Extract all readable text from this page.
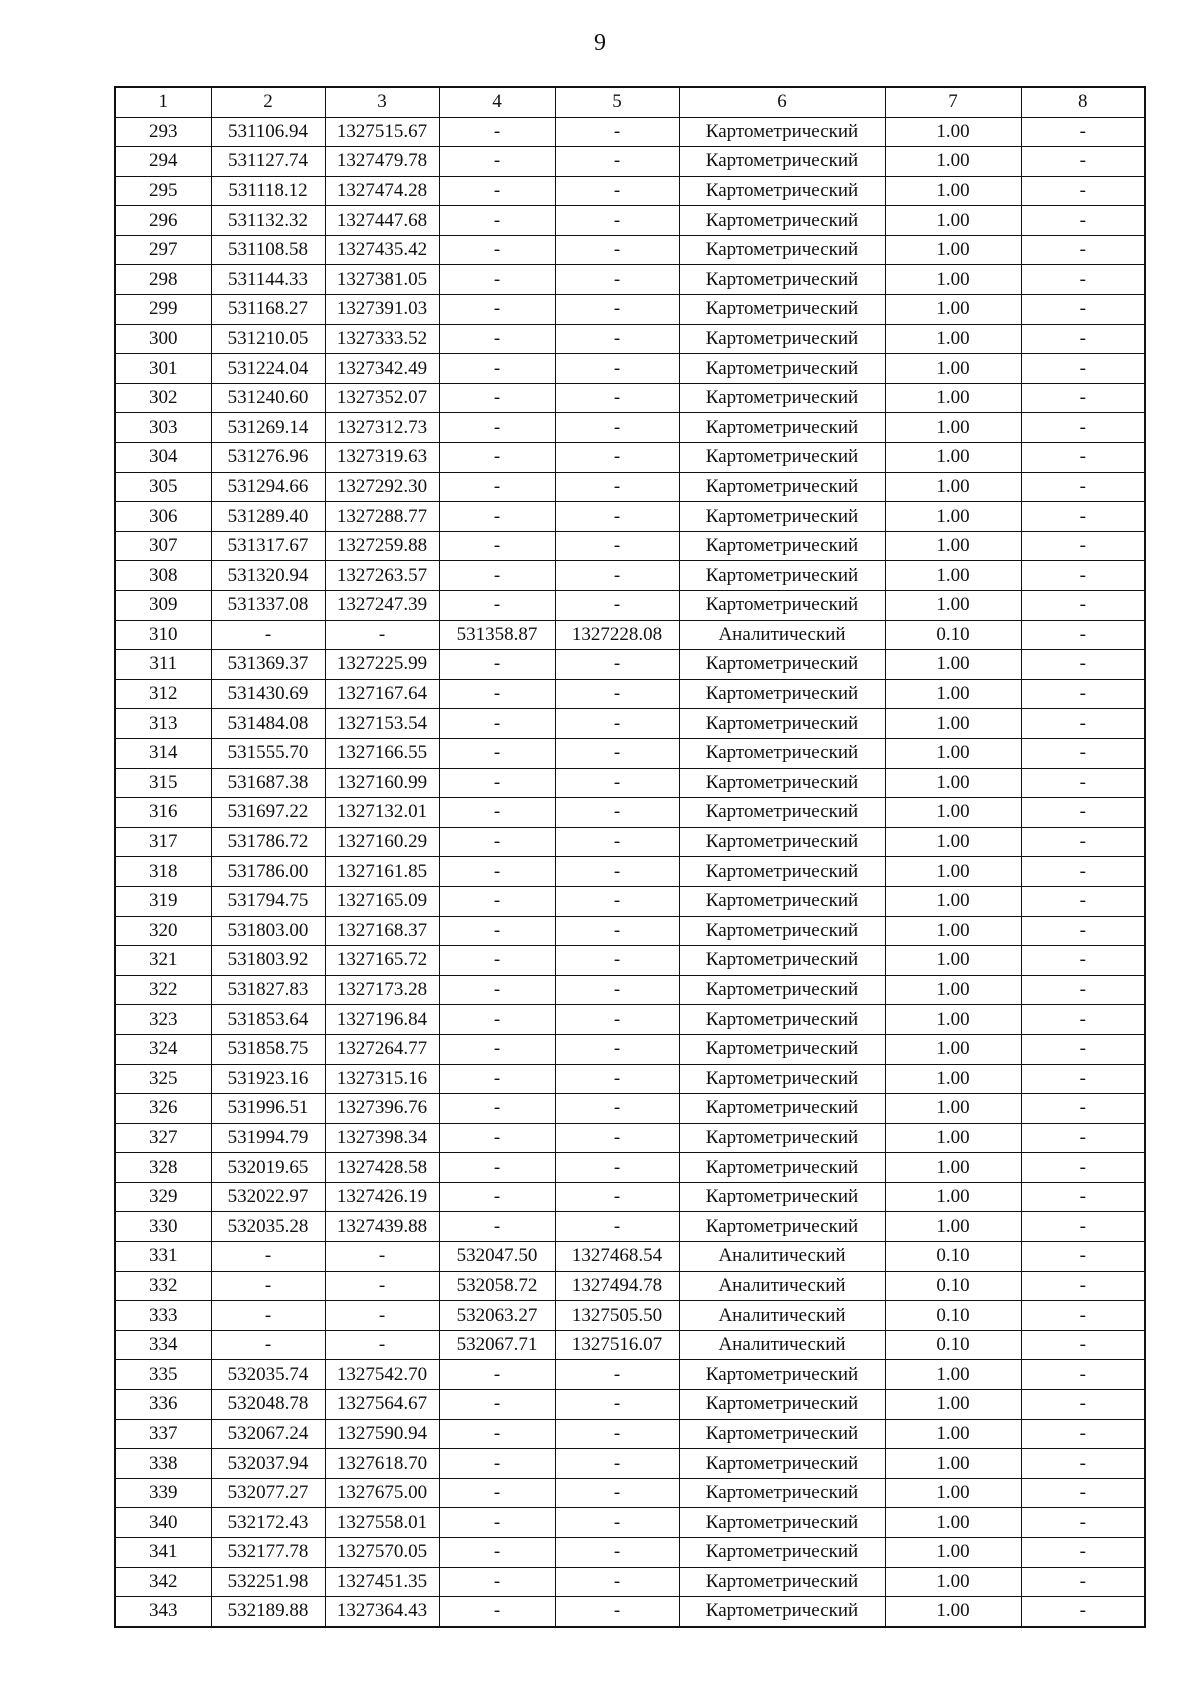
9
1	2	3	4	5	6	7	8
293	531106.94	1327515.67	-	-	Картометрический	1.00	-
294	531127.74	1327479.78	-	-	Картометрический	1.00	-
295	531118.12	1327474.28	-	-	Картометрический	1.00	-
296	531132.32	1327447.68	-	-	Картометрический	1.00	-
297	531108.58	1327435.42	-	-	Картометрический	1.00	-
298	531144.33	1327381.05	-	-	Картометрический	1.00	-
299	531168.27	1327391.03	-	-	Картометрический	1.00	-
300	531210.05	1327333.52	-	-	Картометрический	1.00	-
301	531224.04	1327342.49	-	-	Картометрический	1.00	-
302	531240.60	1327352.07	-	-	Картометрический	1.00	-
303	531269.14	1327312.73	-	-	Картометрический	1.00	-
304	531276.96	1327319.63	-	-	Картометрический	1.00	-
305	531294.66	1327292.30	-	-	Картометрический	1.00	-
306	531289.40	1327288.77	-	-	Картометрический	1.00	-
307	531317.67	1327259.88	-	-	Картометрический	1.00	-
308	531320.94	1327263.57	-	-	Картометрический	1.00	-
309	531337.08	1327247.39	-	-	Картометрический	1.00	-
310	-	-	531358.87	1327228.08	Аналитический	0.10	-
311	531369.37	1327225.99	-	-	Картометрический	1.00	-
312	531430.69	1327167.64	-	-	Картометрический	1.00	-
313	531484.08	1327153.54	-	-	Картометрический	1.00	-
314	531555.70	1327166.55	-	-	Картометрический	1.00	-
315	531687.38	1327160.99	-	-	Картометрический	1.00	-
316	531697.22	1327132.01	-	-	Картометрический	1.00	-
317	531786.72	1327160.29	-	-	Картометрический	1.00	-
318	531786.00	1327161.85	-	-	Картометрический	1.00	-
319	531794.75	1327165.09	-	-	Картометрический	1.00	-
320	531803.00	1327168.37	-	-	Картометрический	1.00	-
321	531803.92	1327165.72	-	-	Картометрический	1.00	-
322	531827.83	1327173.28	-	-	Картометрический	1.00	-
323	531853.64	1327196.84	-	-	Картометрический	1.00	-
324	531858.75	1327264.77	-	-	Картометрический	1.00	-
325	531923.16	1327315.16	-	-	Картометрический	1.00	-
326	531996.51	1327396.76	-	-	Картометрический	1.00	-
327	531994.79	1327398.34	-	-	Картометрический	1.00	-
328	532019.65	1327428.58	-	-	Картометрический	1.00	-
329	532022.97	1327426.19	-	-	Картометрический	1.00	-
330	532035.28	1327439.88	-	-	Картометрический	1.00	-
331	-	-	532047.50	1327468.54	Аналитический	0.10	-
332	-	-	532058.72	1327494.78	Аналитический	0.10	-
333	-	-	532063.27	1327505.50	Аналитический	0.10	-
334	-	-	532067.71	1327516.07	Аналитический	0.10	-
335	532035.74	1327542.70	-	-	Картометрический	1.00	-
336	532048.78	1327564.67	-	-	Картометрический	1.00	-
337	532067.24	1327590.94	-	-	Картометрический	1.00	-
338	532037.94	1327618.70	-	-	Картометрический	1.00	-
339	532077.27	1327675.00	-	-	Картометрический	1.00	-
340	532172.43	1327558.01	-	-	Картометрический	1.00	-
341	532177.78	1327570.05	-	-	Картометрический	1.00	-
342	532251.98	1327451.35	-	-	Картометрический	1.00	-
343	532189.88	1327364.43	-	-	Картометрический	1.00	-
